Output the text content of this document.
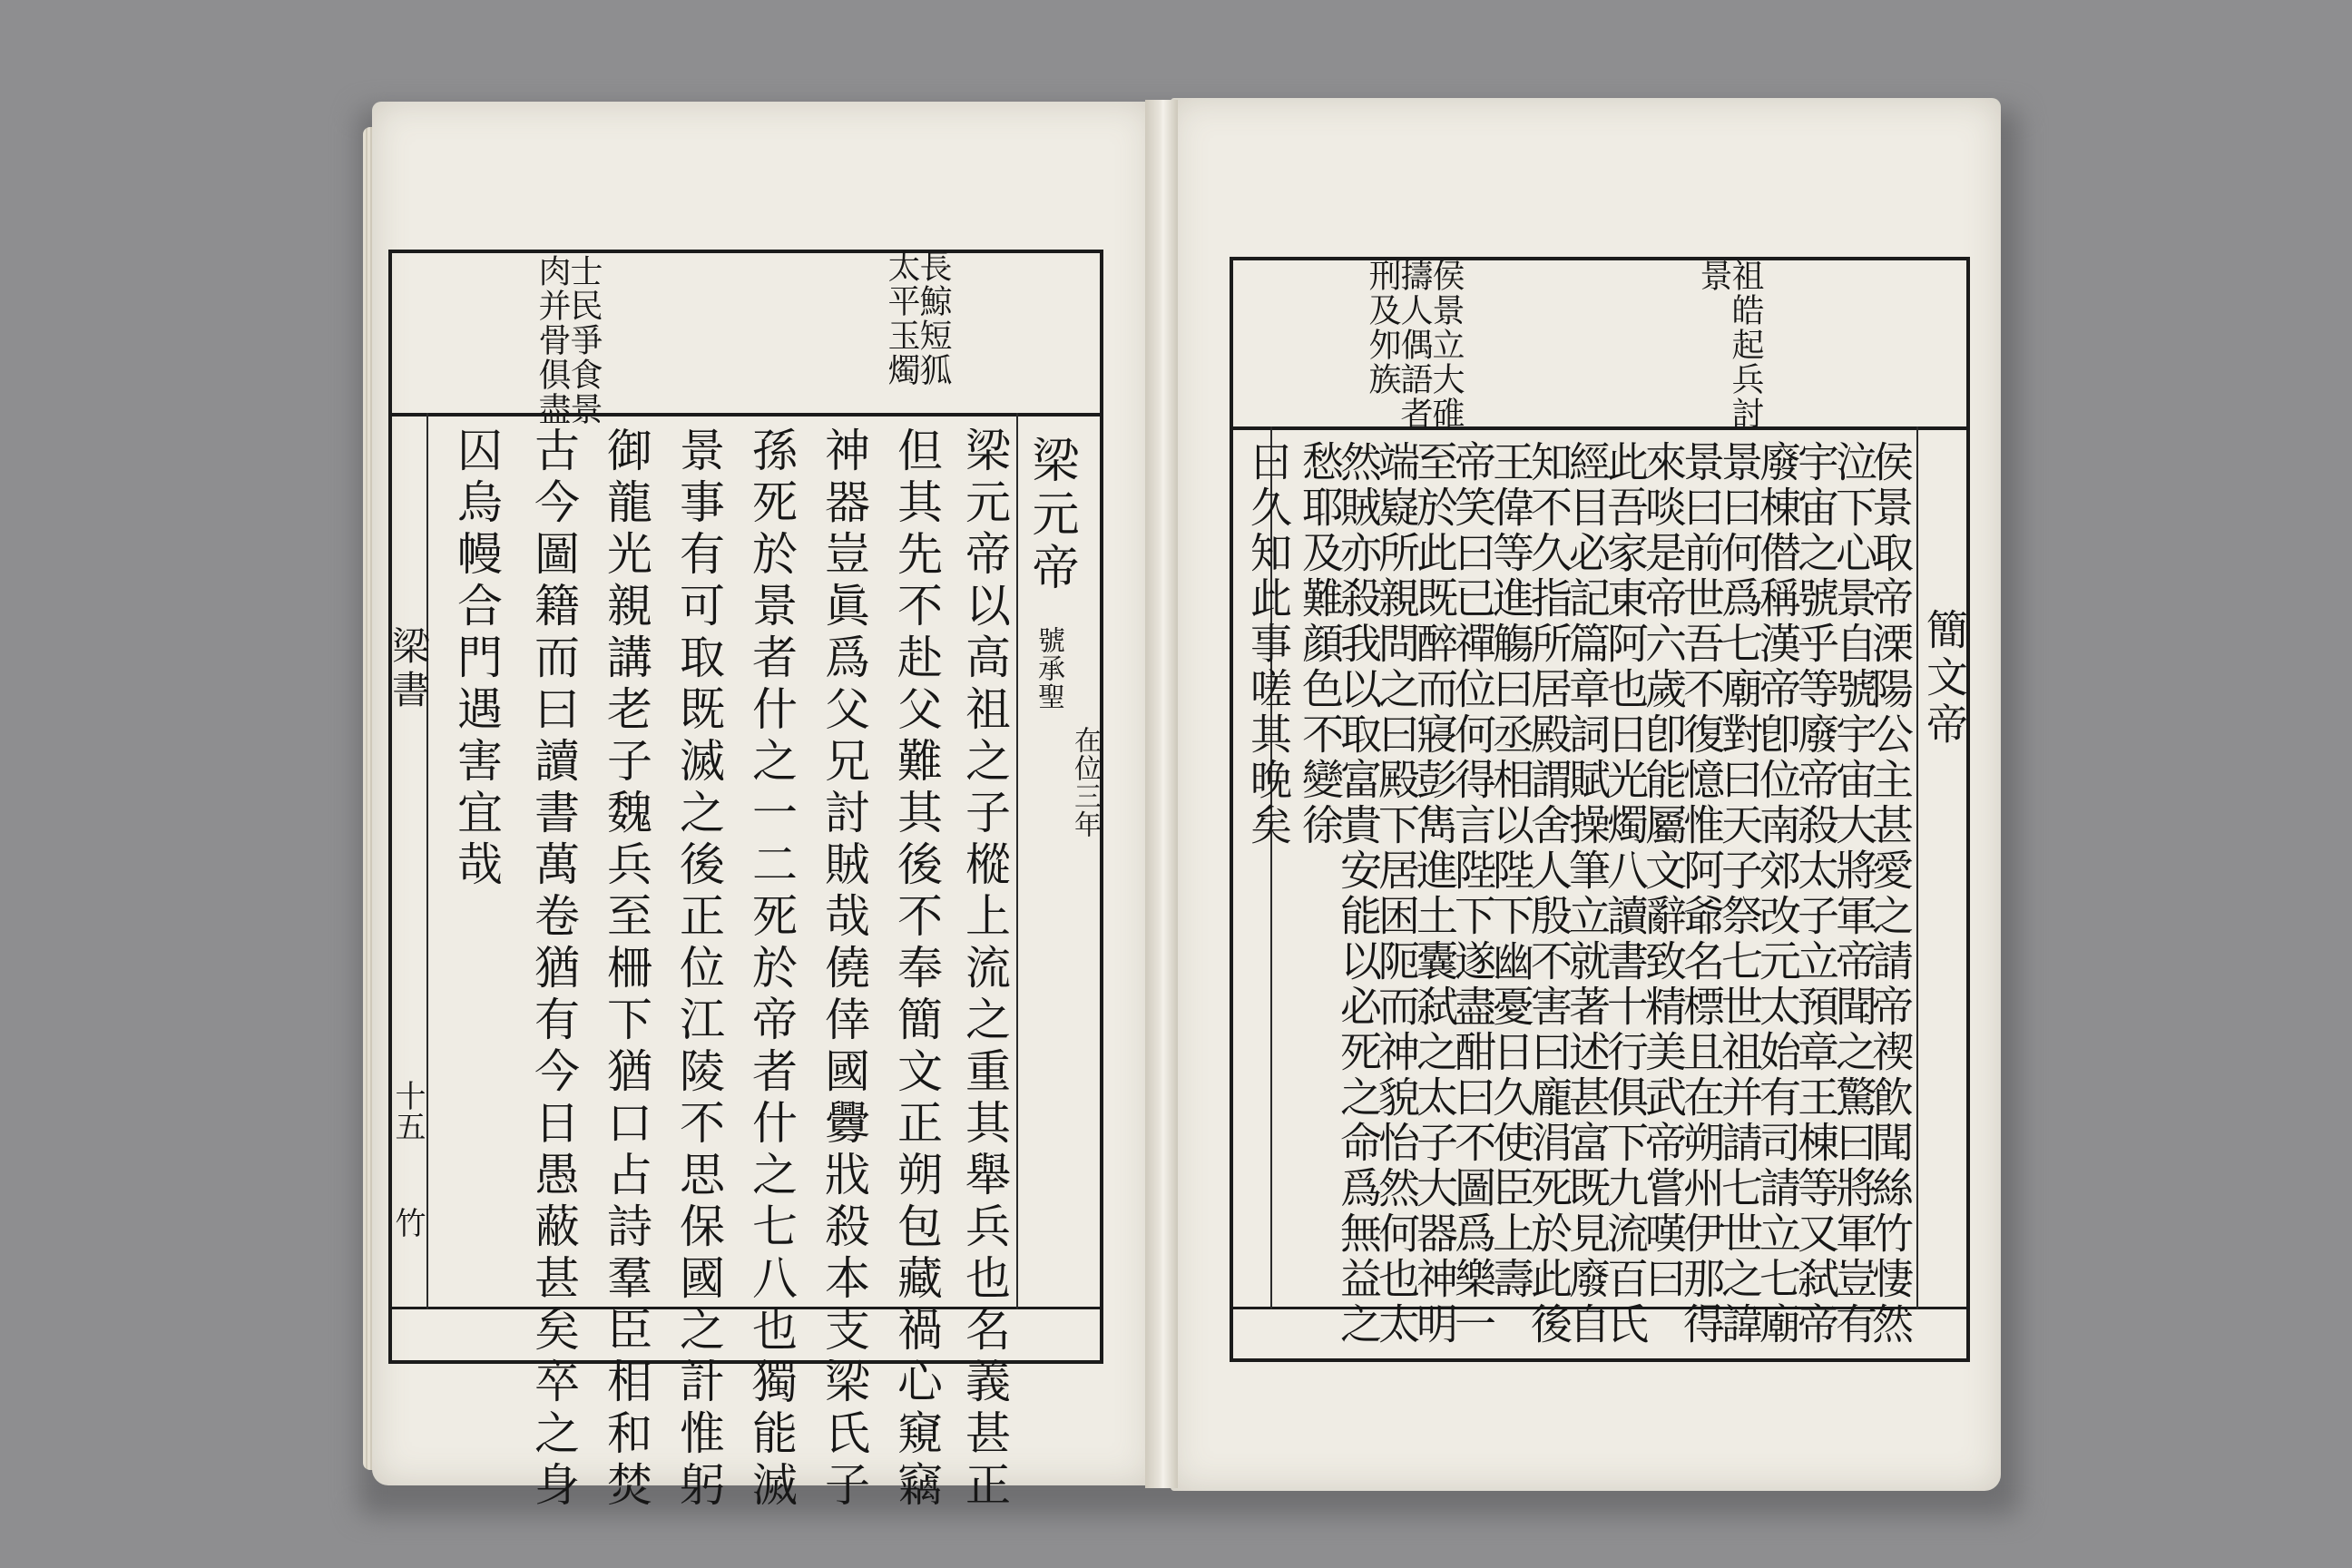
長鯨短狐
太平玉燭
士民爭食景
肉并骨俱盡
梁元帝
在位三年
號承聖
梁元帝以高祖之子樅上流之重其舉兵也名義甚正
但其先不赴父難其後不奉簡文正朔包藏禍心窺竊
神器豈眞爲父兄討賊哉僥倖國釁戕殺本支梁氏子
孫死於景者什之一二死於帝者什之七八也獨能滅
景事有可取既滅之後正位江陵不思保國之計惟躬
御龍光親講老子魏兵至柵下猶口占詩羣臣相和焚
古今圖籍而曰讀書萬卷猶有今日愚蔽甚矣卒之身
囚烏幔合門遇害宜哉
梁書
十五
竹
祖皓起兵討
景
侯景立大碓
擣人偶語者
刑及夘族
簡文帝
侯景取帝溧陽公主甚愛之請帝禊飮聞絲竹悽然
泣下心景自號宇宙大將軍帝聞之驚曰將軍豈有
宇宙之號乎等廢帝殺太子立預章王棟等又弑帝
廢棟僣稱漢帝卽位南郊改元太始有司請立七廟
景曰何爲七廟對曰天子祭七世祖并請七世之諱
景曰前世吾不復憶惟阿爺名標且在朔州伊那得
來啖是帝六歲卽能屬文辭致精美武帝嘗嘆曰
此吾家東阿也日光燭八讀書十行俱下九流百氏
經目必記篇章詞賦操筆立就著述甚富既見廢自
知不久指所居殿謂舍人殷不害曰龐涓死於此後
王偉等進觴曰丞相以陛下幽憂日久使臣上壽
帝笑曰已禪位何得言陛下遂盡酣曰不圖爲樂一
至於此既醉而寢彭雋進土囊弑之太子大器神明
端嶷所親問之曰殿下居困阨而神貌怡然何也太
然賊亦殺我以取富貴安能以必死之命爲無益之
愁耶及難顔色不變徐
曰久知此事嗟其晚矣
